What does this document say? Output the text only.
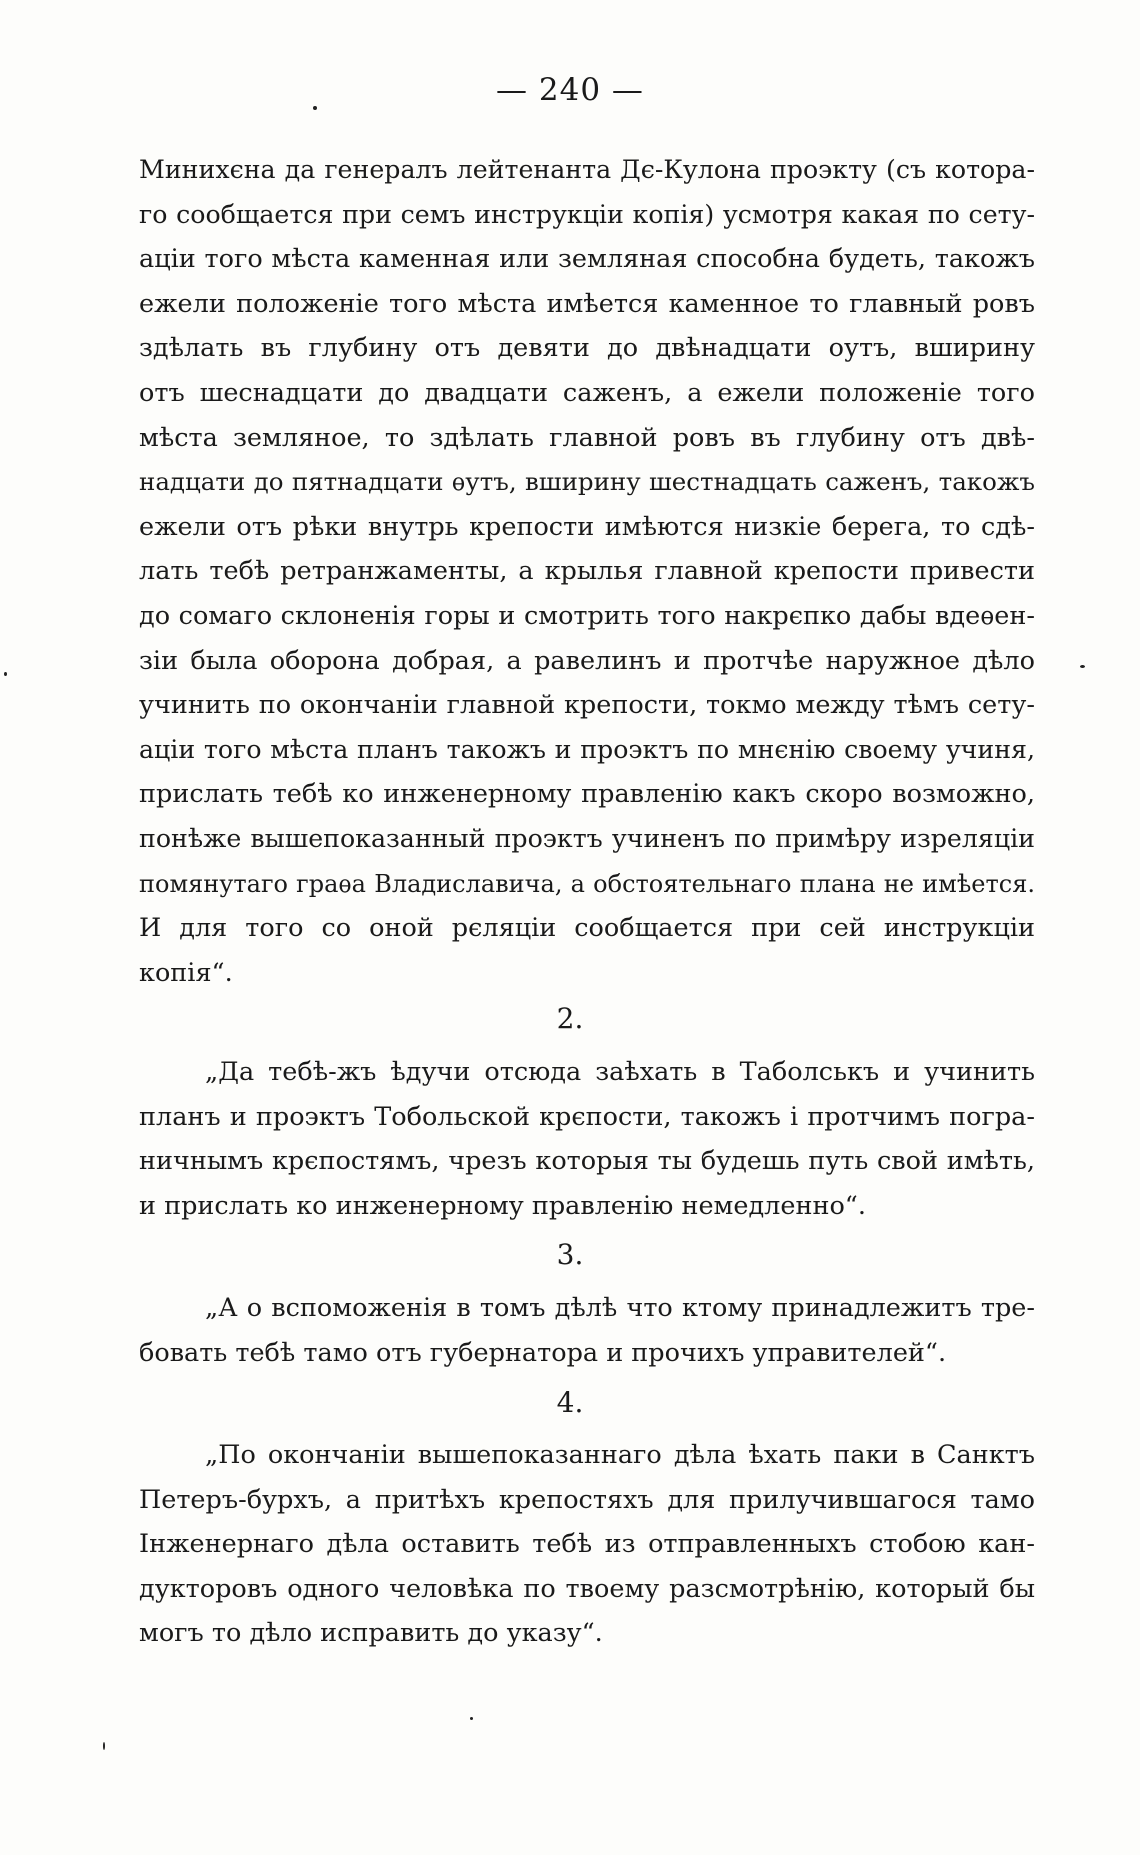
— 240 —
Минихєна да генералъ лейтенанта Дє-Кулона проэкту (съ котора-
го сообщается при семъ инструкціи копія) усмотря какая по сету-
аціи того мѣста каменная или земляная способна будеть, такожъ
ежели положеніе того мѣста имѣется каменное то главный ровъ
здѣлать въ глубину отъ девяти до двѣнадцати оутъ, вширину
отъ шеснадцати до двадцати саженъ, а ежели положеніе того
мѣста земляное, то здѣлать главной ровъ въ глубину отъ двѣ-
надцати до пятнадцати ѳутъ, вширину шестнадцать саженъ, такожъ
ежели отъ рѣки внутрь крепости имѣются низкіе берега, то сдѣ-
лать тебѣ ретранжаменты, а крылья главной крепости привести
до сомаго склоненія горы и смотрить того накрєпко дабы вдеѳен-
зіи была оборона добрая, а равелинъ и протчѣе наружное дѣло
учинить по окончаніи главной крепости, токмо между тѣмъ сету-
аціи того мѣста планъ такожъ и проэктъ по мнєнію своему учиня,
прислать тебѣ ко инженерному правленію какъ скоро возможно,
понѣже вышепоказанный проэктъ учиненъ по примѣру изреляціи
помянутаго граѳа Владиславича, а обстоятельнаго плана не имѣется.
И для того со оной рєляціи сообщается при сей инструкціи
копія“.
2.
„Да тебѣ-жъ ѣдучи отсюда заѣхать в Таболськъ и учинить
планъ и проэктъ Тобольской крєпости, такожъ і протчимъ погра-
ничнымъ крєпостямъ, чрезъ которыя ты будешь путь свой имѣть,
и прислать ко инженерному правленію немедленно“.
3.
„А о вспоможенія в томъ дѣлѣ что ктому принадлежитъ тре-
бовать тебѣ тамо отъ губернатора и прочихъ управителей“.
4.
„По окончаніи вышепоказаннаго дѣла ѣхать паки в Санктъ
Петеръ-бурхъ, а притѣхъ крепостяхъ для прилучившагося тамо
Інженернаго дѣла оставить тебѣ из отправленныхъ стобою кан-
дукторовъ одного человѣка по твоему разсмотрѣнію, который бы
могъ то дѣло исправить до указу“.
